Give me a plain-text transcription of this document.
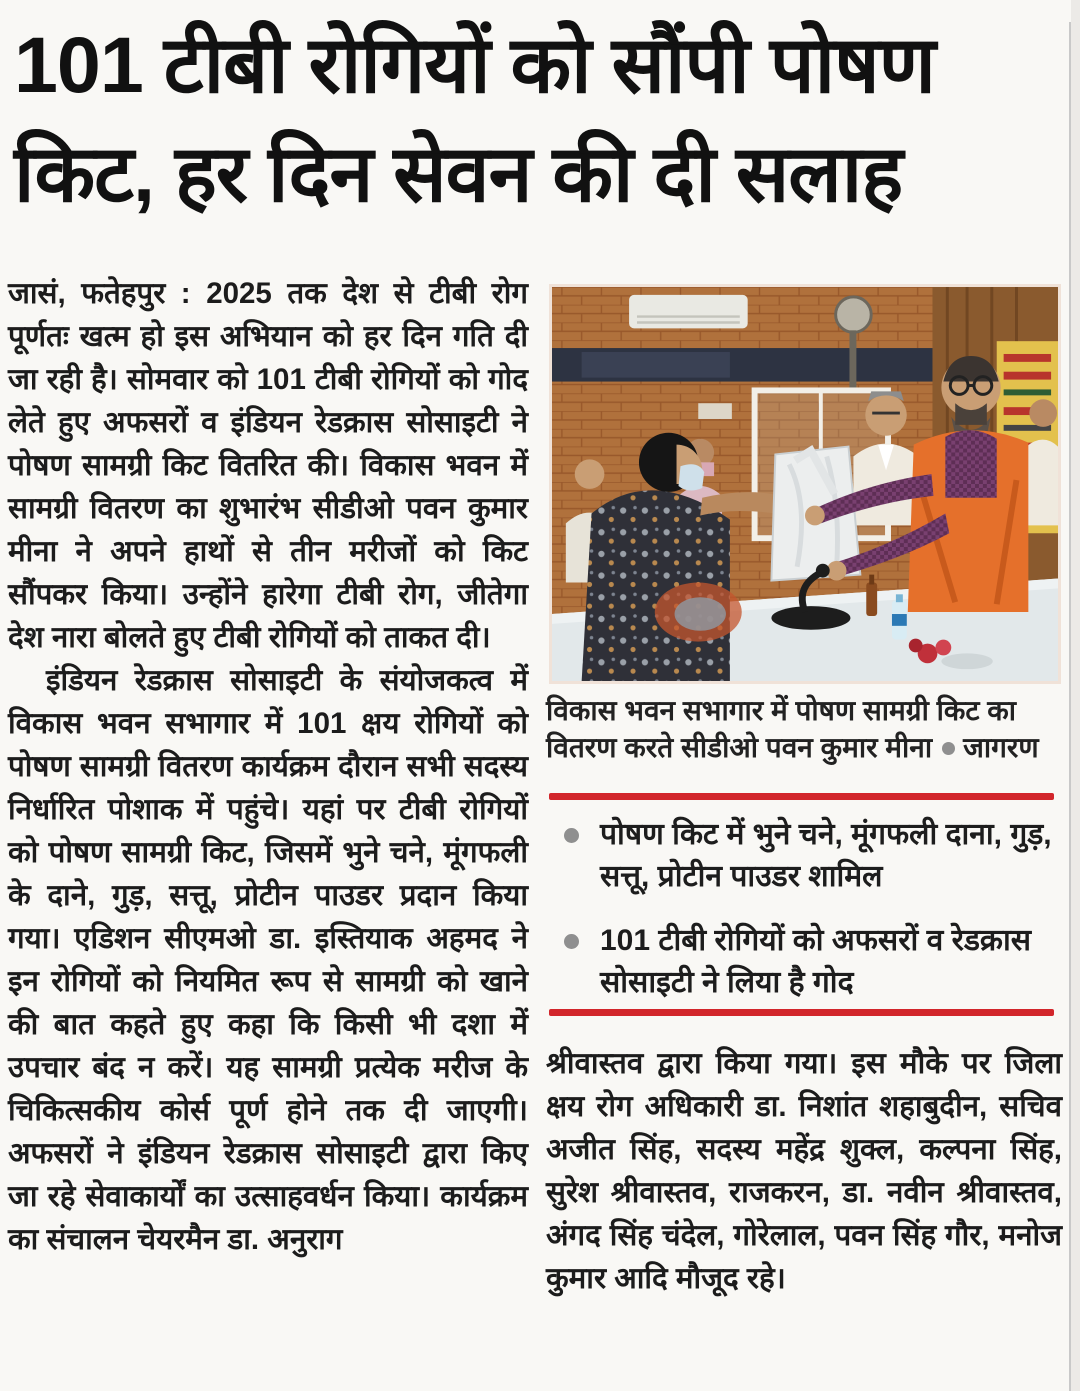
101 टीबी रोगियों को सौंपी पोषण
किट, हर दिन सेवन की दी सलाह

जासं, फतेहपुर : 2025 तक देश से टीबी रोग पूर्णतः खत्म हो इस अभियान को हर दिन गति दी जा रही है। सोमवार को 101 टीबी रोगियों को गोद लेते हुए अफसरों व इंडियन रेडक्रास सोसाइटी ने पोषण सामग्री किट वितरित की। विकास भवन में सामग्री वितरण का शुभारंभ सीडीओ पवन कुमार मीना ने अपने हाथों से तीन मरीजों को किट सौंपकर किया। उन्होंने हारेगा टीबी रोग, जीतेगा देश नारा बोलते हुए टीबी रोगियों को ताकत दी।

इंडियन रेडक्रास सोसाइटी के संयोजकत्व में विकास भवन सभागार में 101 क्षय रोगियों को पोषण सामग्री वितरण कार्यक्रम दौरान सभी सदस्य निर्धारित पोशाक में पहुंचे। यहां पर टीबी रोगियों को पोषण सामग्री किट, जिसमें भुने चने, मूंगफली के दाने, गुड़, सत्तू, प्रोटीन पाउडर प्रदान किया गया। एडिशन सीएमओ डा. इस्तियाक अहमद ने इन रोगियों को नियमित रूप से सामग्री को खाने की बात कहते हुए कहा कि किसी भी दशा में उपचार बंद न करें। यह सामग्री प्रत्येक मरीज के चिकित्सकीय कोर्स पूर्ण होने तक दी जाएगी। अफसरों ने इंडियन रेडक्रास सोसाइटी द्वारा किए जा रहे सेवाकार्यों का उत्साहवर्धन किया। कार्यक्रम का संचालन चेयरमैन डा. अनुराग

विकास भवन सभागार में पोषण सामग्री किट का वितरण करते सीडीओ पवन कुमार मीना जागरण
पोषण किट में भुने चने, मूंगफली दाना, गुड़, सत्तू, प्रोटीन पाउडर शामिल
101 टीबी रोगियों को अफसरों व रेडक्रास सोसाइटी ने लिया है गोद

श्रीवास्तव द्वारा किया गया। इस मौके पर जिला क्षय रोग अधिकारी डा. निशांत शहाबुदीन, सचिव अजीत सिंह, सदस्य महेंद्र शुक्ल, कल्पना सिंह, सुरेश श्रीवास्तव, राजकरन, डा. नवीन श्रीवास्तव, अंगद सिंह चंदेल, गोरेलाल, पवन सिंह गौर, मनोज कुमार आदि मौजूद रहे।
